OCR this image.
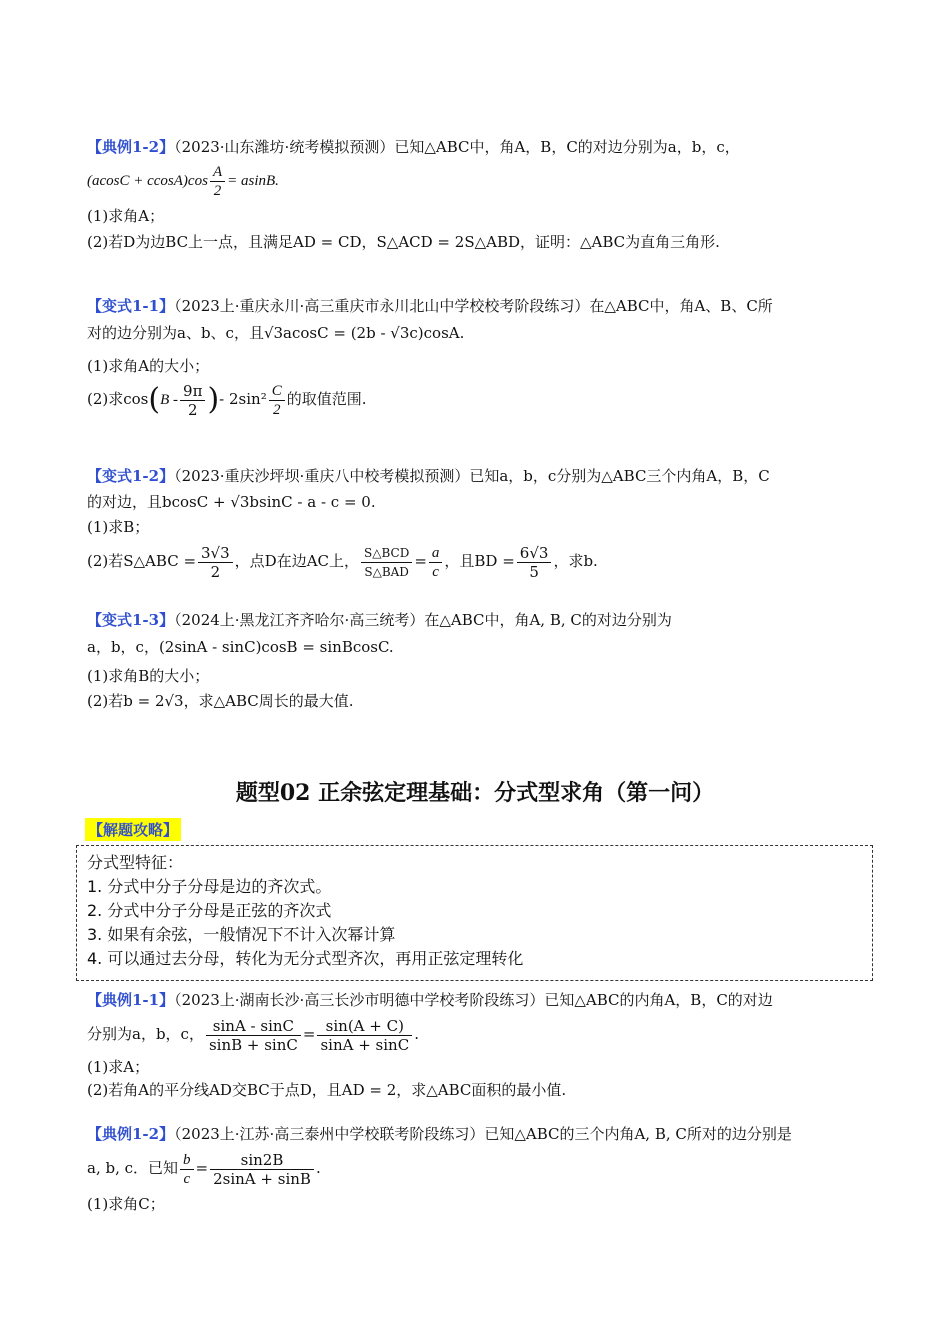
【典例1-2】（2023·山东潍坊·统考模拟预测）已知△ABC中，角A，B，C的对边分别为a，b，c，
$(acosC + ccosA)\cos \frac{A}{2} = asinB$.
(1)求角A；
(2)若D为边BC上一点，且满足AD = CD，S△ACD = 2S△ABD，证明：△ABC为直角三角形.
【变式1-1】（2023上·重庆永川·高三重庆市永川北山中学校校考阶段练习）在△ABC中，角A、B、C所
对的边分别为a、b、c，且√3acosC = (2b - √3c)cosA.
(1)求角A的大小；
(2)求$\cos(B - \frac{9\pi}{2}$ )- $2\sin^2 \frac{C}{2}$ 的取值范围.
【变式1-2】（2023·重庆沙坪坝·重庆八中校考模拟预测）已知a，b，c分别为△ABC三个内角A，B，C
的对边，且bcosC + √3bsinC - a - c = 0.
(1)求B；
(2)若S△ABC = $\frac{3√3}{2}$ ，点D在边AC上， $\frac{\text{S△BCD}}{\text{S△BAD}} = \frac{a}{c}$ ，且BD = $\frac{6√3}{5}$ ，求b.
【变式1-3】（2024上·黑龙江齐齐哈尔·高三统考）在△ABC中，角A, B, C的对边分别为
a，b，c，(2sinA - sinC)cosB = sinBcosC.
(1)求角B的大小；
(2)若b = 2√3，求△ABC周长的最大值.
题型02 正余弦定理基础：分式型求角（第一问）
【解题攻略】
分式型特征：
1. 分式中分子分母是边的齐次式。
2. 分式中分子分母是正弦的齐次式
3. 如果有余弦，一般情况下不计入次幂计算
4. 可以通过去分母，转化为无分式型齐次，再用正弦定理转化
【典例1-1】（2023上·湖南长沙·高三长沙市明德中学校考阶段练习）已知△ABC的内角A，B，C的对边
分别为a，b，c， $\frac{\sin A - \sin C}{\sin B + \sin C} = \frac{\sin(A + C)}{\sin A + \sin C}$ .
(1)求A；
(2)若角A的平分线AD交BC于点D，且AD = 2，求△ABC面积的最小值.
【典例1-2】（2023上·江苏·高三泰州中学校联考阶段练习）已知△ABC的三个内角A, B, C所对的边分别是
a, b, c．已知 $\frac{b}{c} = \frac{\sin 2B}{2\sin A + \sin B}$ .
(1)求角C；
